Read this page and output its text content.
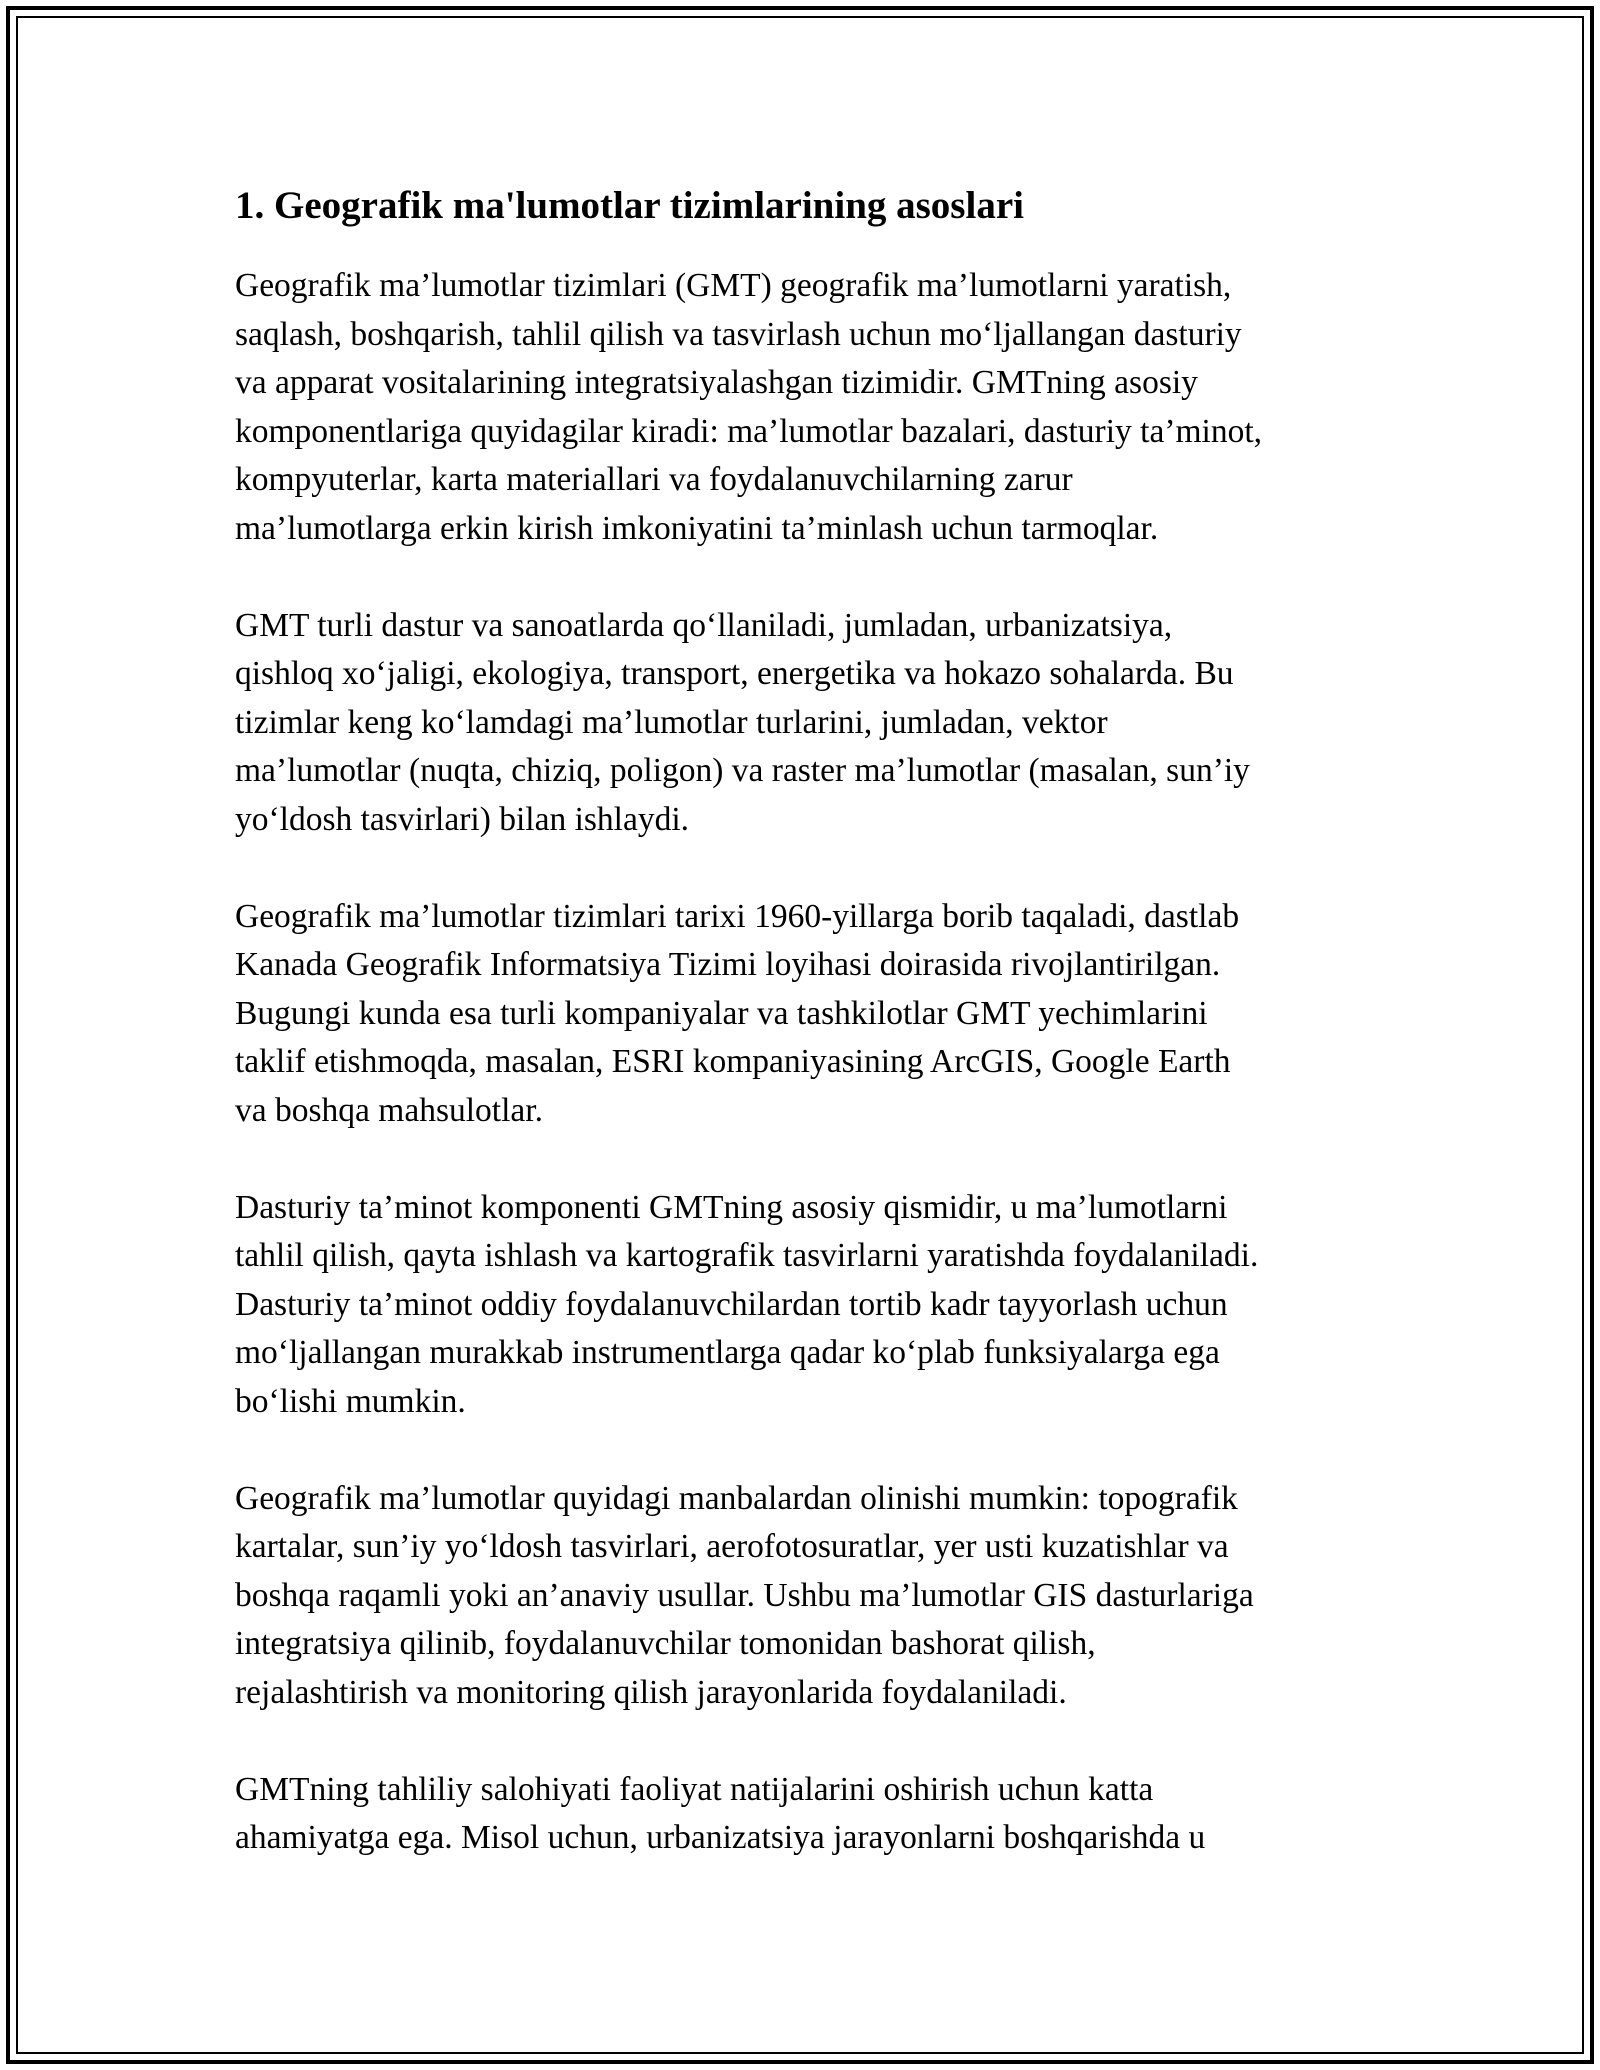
1. Geografik ma'lumotlar tizimlarining asoslari
Geografik ma’lumotlar tizimlari (GMT) geografik ma’lumotlarni yaratish,
saqlash, boshqarish, tahlil qilish va tasvirlash uchun mo‘ljallangan dasturiy
va apparat vositalarining integratsiyalashgan tizimidir. GMTning asosiy
komponentlariga quyidagilar kiradi: ma’lumotlar bazalari, dasturiy ta’minot,
kompyuterlar, karta materiallari va foydalanuvchilarning zarur
ma’lumotlarga erkin kirish imkoniyatini ta’minlash uchun tarmoqlar.
GMT turli dastur va sanoatlarda qo‘llaniladi, jumladan, urbanizatsiya,
qishloq xo‘jaligi, ekologiya, transport, energetika va hokazo sohalarda. Bu
tizimlar keng ko‘lamdagi ma’lumotlar turlarini, jumladan, vektor
ma’lumotlar (nuqta, chiziq, poligon) va raster ma’lumotlar (masalan, sun’iy
yo‘ldosh tasvirlari) bilan ishlaydi.
Geografik ma’lumotlar tizimlari tarixi 1960-yillarga borib taqaladi, dastlab
Kanada Geografik Informatsiya Tizimi loyihasi doirasida rivojlantirilgan.
Bugungi kunda esa turli kompaniyalar va tashkilotlar GMT yechimlarini
taklif etishmoqda, masalan, ESRI kompaniyasining ArcGIS, Google Earth
va boshqa mahsulotlar.
Dasturiy ta’minot komponenti GMTning asosiy qismidir, u ma’lumotlarni
tahlil qilish, qayta ishlash va kartografik tasvirlarni yaratishda foydalaniladi.
Dasturiy ta’minot oddiy foydalanuvchilardan tortib kadr tayyorlash uchun
mo‘ljallangan murakkab instrumentlarga qadar ko‘plab funksiyalarga ega
bo‘lishi mumkin.
Geografik ma’lumotlar quyidagi manbalardan olinishi mumkin: topografik
kartalar, sun’iy yo‘ldosh tasvirlari, aerofotosuratlar, yer usti kuzatishlar va
boshqa raqamli yoki an’anaviy usullar. Ushbu ma’lumotlar GIS dasturlariga
integratsiya qilinib, foydalanuvchilar tomonidan bashorat qilish,
rejalashtirish va monitoring qilish jarayonlarida foydalaniladi.
GMTning tahliliy salohiyati faoliyat natijalarini oshirish uchun katta
ahamiyatga ega. Misol uchun, urbanizatsiya jarayonlarni boshqarishda u
